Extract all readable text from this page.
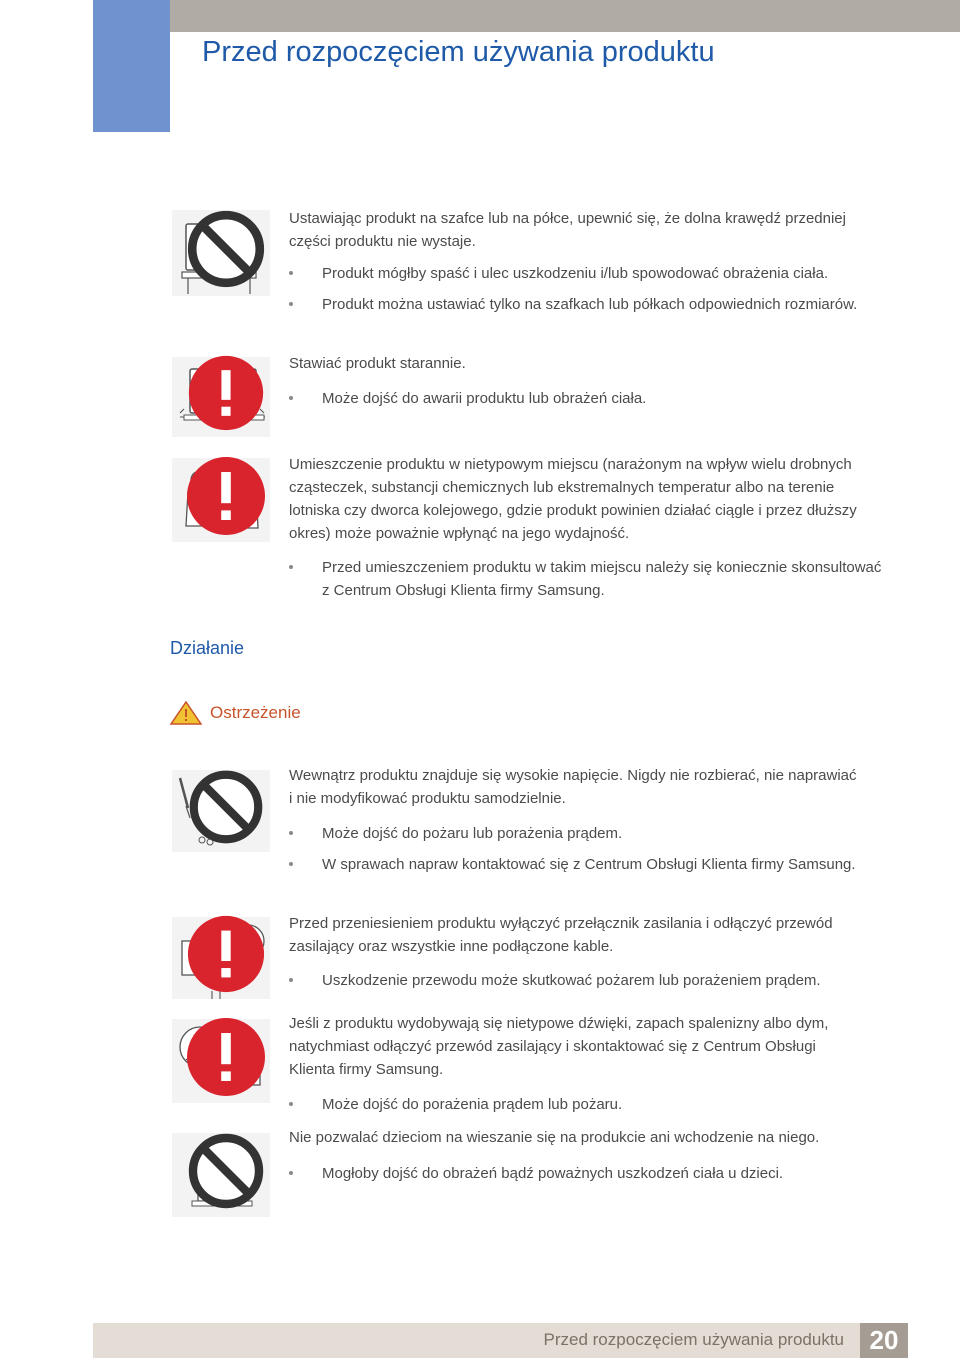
Przed rozpoczęciem używania produktu

Ustawiając produkt na szafce lub na półce, upewnić się, że dolna krawędź przedniej części produktu nie wystaje.

Produkt mógłby spaść i ulec uszkodzeniu i/lub spowodować obrażenia ciała.

Produkt można ustawiać tylko na szafkach lub półkach odpowiednich rozmiarów.

Stawiać produkt starannie.

Może dojść do awarii produktu lub obrażeń ciała.

Umieszczenie produktu w nietypowym miejscu (narażonym na wpływ wielu drobnych cząsteczek, substancji chemicznych lub ekstremalnych temperatur albo na terenie lotniska czy dworca kolejowego, gdzie produkt powinien działać ciągle i przez dłuższy okres) może poważnie wpłynąć na jego wydajność.

Przed umieszczeniem produktu w takim miejscu należy się koniecznie skonsultować z Centrum Obsługi Klienta firmy Samsung.

Działanie
Ostrzeżenie

Wewnątrz produktu znajduje się wysokie napięcie. Nigdy nie rozbierać, nie naprawiać i nie modyfikować produktu samodzielnie.

Może dojść do pożaru lub porażenia prądem.

W sprawach napraw kontaktować się z Centrum Obsługi Klienta firmy Samsung.

Przed przeniesieniem produktu wyłączyć przełącznik zasilania i odłączyć przewód zasilający oraz wszystkie inne podłączone kable.

Uszkodzenie przewodu może skutkować pożarem lub porażeniem prądem.

Jeśli z produktu wydobywają się nietypowe dźwięki, zapach spalenizny albo dym, natychmiast odłączyć przewód zasilający i skontaktować się z Centrum Obsługi Klienta firmy Samsung.

Może dojść do porażenia prądem lub pożaru.

Nie pozwalać dzieciom na wieszanie się na produkcie ani wchodzenie na niego.

Mogłoby dojść do obrażeń bądź poważnych uszkodzeń ciała u dzieci.

Przed rozpoczęciem używania produktu 20
